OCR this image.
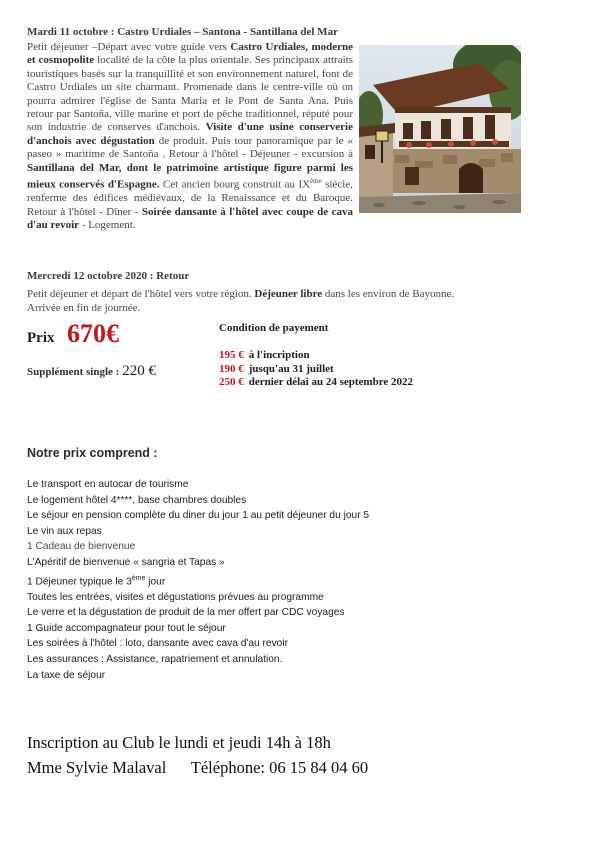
Mardi 11 octobre : Castro Urdiales – Santona - Santillana del Mar
Petit déjeuner –Départ avec votre guide vers Castro Urdiales, moderne et cosmopolite localité de la côte la plus orientale. Ses principaux attraits touristiques basés sur la tranquillité et son environnement naturel, font de Castro Urdiales un site charmant. Promenade dans le centre-ville où on pourra admirer l'église de Santa Maria et le Pont de Santa Ana. Puis retour par Santoña, ville marine et port de pêche traditionnel, réputé pour son industrie de conserves d'anchois. Visite d'une usine conserverie d'anchois avec dégustation de produit. Puis tour panoramique par le « paseo » maritime de Santoña . Retour à l'hôtel - Déjeuner - excursion à Santillana del Mar, dont le patrimoine artistique figure parmi les mieux conservés d'Espagne. Cet ancien bourg construit au IXème siècle, renferme des édifices médiévaux, de la Renaissance et du Baroque. Retour à l'hôtel - Dîner - Soirée dansante à l'hôtel avec coupe de cava d'au revoir - Logement.
Mercredi 12 octobre 2020 : Retour
Petit déjeuner et départ de l'hôtel vers votre région. Déjeuner libre dans les environ de Bayonne.
Arrivée en fin de journée.
Prix 670€
Supplément single : 220 €
Condition de payement
195 € à l'incription
190 € jusqu'au 31 juillet
250 € dernier délai au 24 septembre 2022
Notre prix comprend :
Le transport en autocar de tourisme
Le logement hôtel 4****, base chambres doubles
Le séjour en pension complète du diner du jour 1 au petit déjeuner du jour 5
Le vin aux repas
1 Cadeau de bienvenue
L'Apéritif de bienvenue « sangria et Tapas »
1 Déjeuner typique le 3ème jour
Toutes les entrées, visites et dégustations prévues au programme
Le verre et la dégustation de produit de la mer offert par CDC voyages
1 Guide accompagnateur pour tout le séjour
Les soirées à l'hôtel : loto, dansante avec cava d'au revoir
Les assurances : Assistance, rapatriement et annulation.
La taxe de séjour
Inscription au Club le lundi et jeudi 14h à 18h
Mme Sylvie Malaval      Téléphone: 06 15 84 04 60
